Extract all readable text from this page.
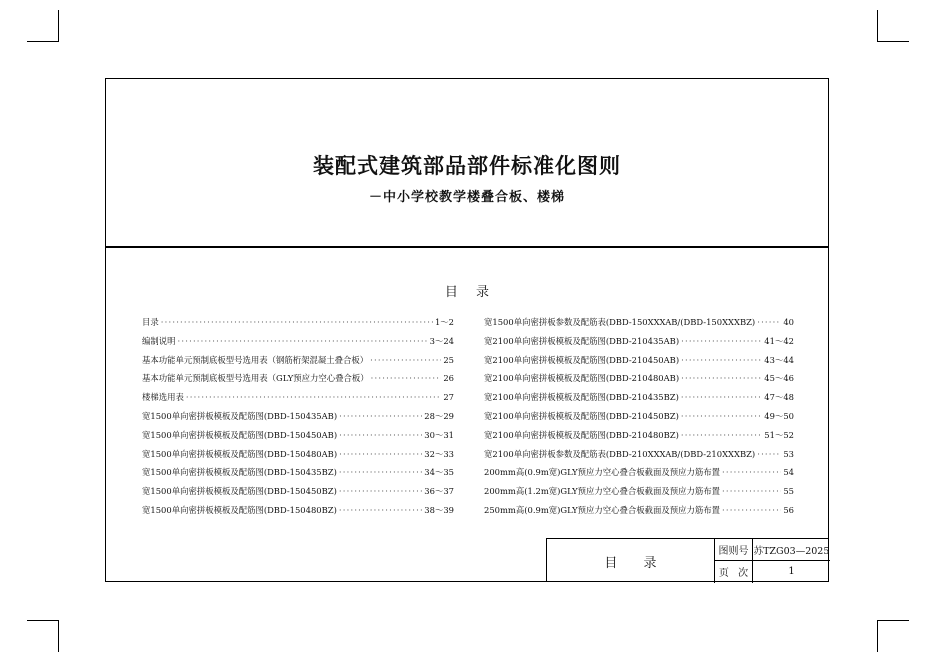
装配式建筑部品部件标准化图则
－中小学校教学楼叠合板、楼梯
目 录
目录 ·····	1～2
编制说明 ·····	3～24
基本功能单元预制底板型号选用表（钢筋桁架混凝土叠合板） ·····	25
基本功能单元预制底板型号选用表（GLY预应力空心叠合板） ·····	26
楼梯选用表 ·····	27
宽1500单向密拼板模板及配筋图(DBD-150435AB) ·····	28～29
宽1500单向密拼板模板及配筋图(DBD-150450AB) ·····	30～31
宽1500单向密拼板模板及配筋图(DBD-150480AB) ·····	32～33
宽1500单向密拼板模板及配筋图(DBD-150435BZ) ·····	34～35
宽1500单向密拼板模板及配筋图(DBD-150450BZ) ·····	36～37
宽1500单向密拼板模板及配筋图(DBD-150480BZ) ·····	38～39
宽1500单向密拼板参数及配筋表(DBD-150XXXAB/(DBD-150XXXBZ) ·····	40
宽2100单向密拼板模板及配筋图(DBD-210435AB) ·····	41～42
宽2100单向密拼板模板及配筋图(DBD-210450AB) ·····	43～44
宽2100单向密拼板模板及配筋图(DBD-210480AB) ·····	45～46
宽2100单向密拼板模板及配筋图(DBD-210435BZ) ·····	47～48
宽2100单向密拼板模板及配筋图(DBD-210450BZ) ·····	49～50
宽2100单向密拼板模板及配筋图(DBD-210480BZ) ·····	51～52
宽2100单向密拼板参数及配筋表(DBD-210XXXAB/(DBD-210XXXBZ) ·····	53
200mm高(0.9m宽)GLY预应力空心叠合板截面及预应力筋布置 ·····	54
200mm高(1.2m宽)GLY预应力空心叠合板截面及预应力筋布置 ·····	55
250mm高(0.9m宽)GLY预应力空心叠合板截面及预应力筋布置 ·····	56
目 录
图则号 苏TZG03—2025
页 次	1
